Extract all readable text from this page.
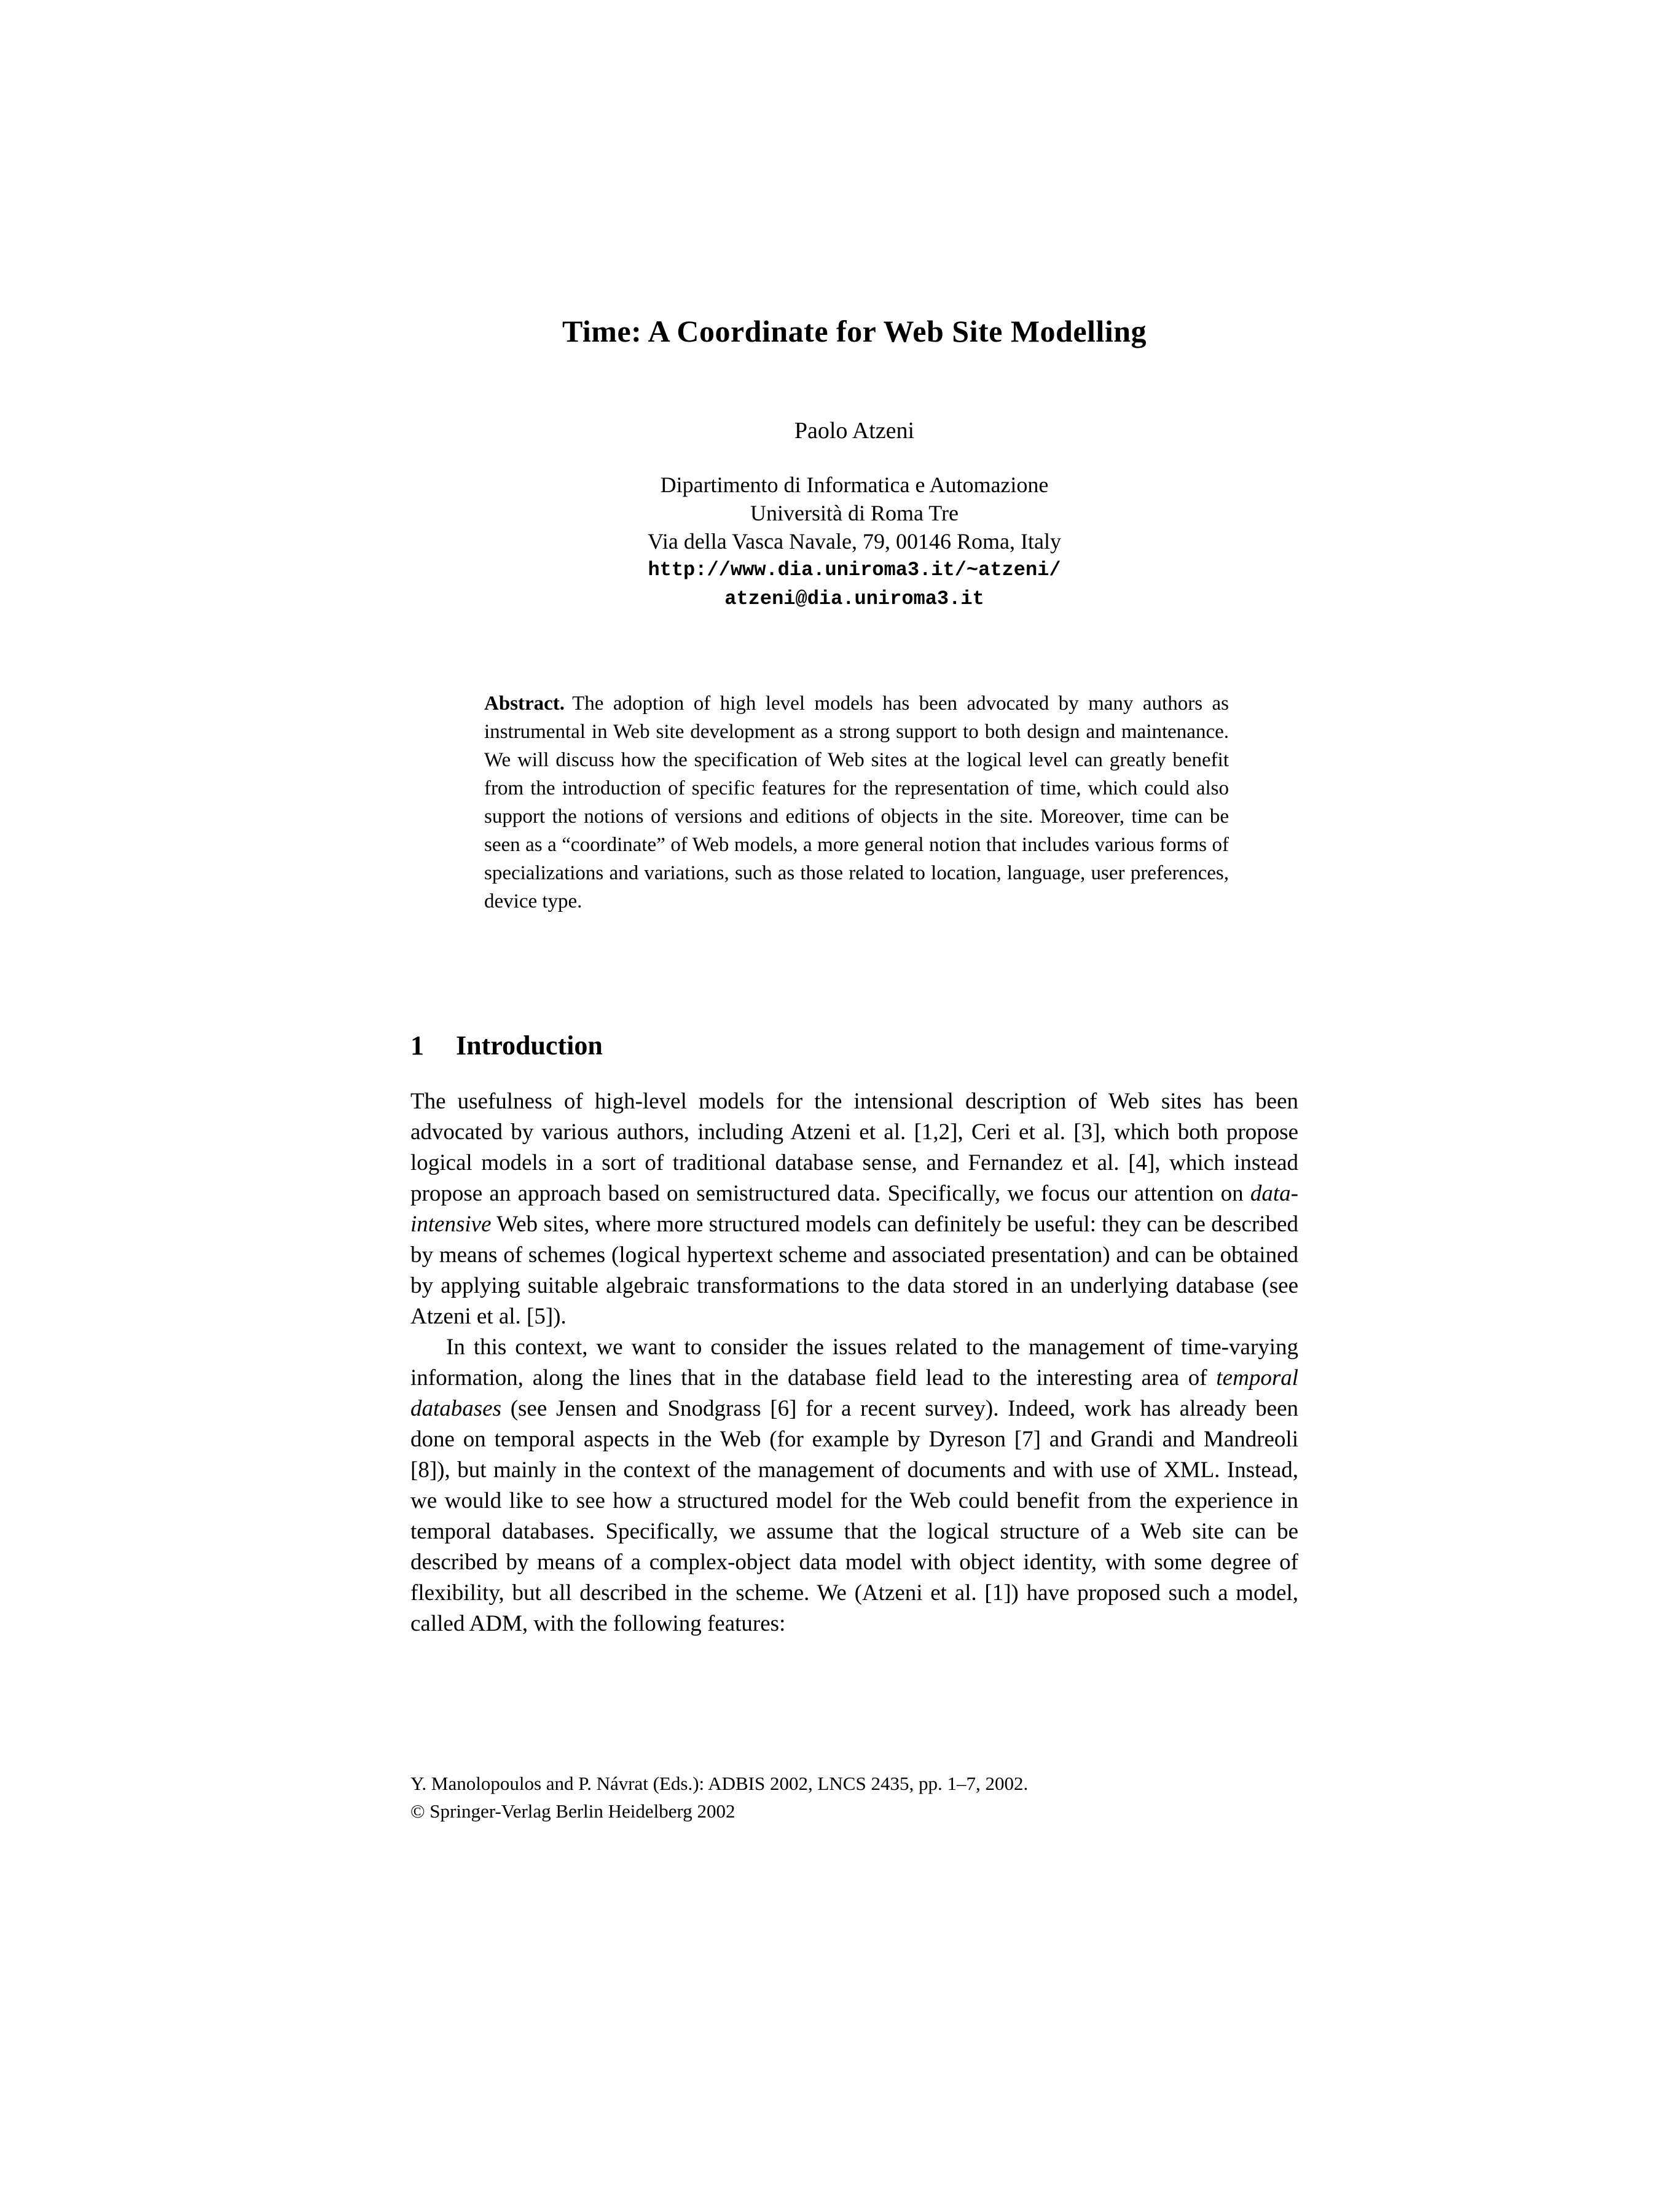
Time: A Coordinate for Web Site Modelling
Paolo Atzeni
Dipartimento di Informatica e Automazione
Università di Roma Tre
Via della Vasca Navale, 79, 00146 Roma, Italy
http://www.dia.uniroma3.it/~atzeni/
atzeni@dia.uniroma3.it
Abstract. The adoption of high level models has been advocated by many authors as instrumental in Web site development as a strong support to both design and maintenance. We will discuss how the specification of Web sites at the logical level can greatly benefit from the introduction of specific features for the representation of time, which could also support the notions of versions and editions of objects in the site. Moreover, time can be seen as a “coordinate” of Web models, a more general notion that includes various forms of specializations and variations, such as those related to location, language, user preferences, device type.
1 Introduction

The usefulness of high-level models for the intensional description of Web sites has been advocated by various authors, including Atzeni et al. [1,2], Ceri et al. [3], which both propose logical models in a sort of traditional database sense, and Fernandez et al. [4], which instead propose an approach based on semistructured data. Specifically, we focus our attention on data-intensive Web sites, where more structured models can definitely be useful: they can be described by means of schemes (logical hypertext scheme and associated presentation) and can be obtained by applying suitable algebraic transformations to the data stored in an underlying database (see Atzeni et al. [5]).

In this context, we want to consider the issues related to the management of time-varying information, along the lines that in the database field lead to the interesting area of temporal databases (see Jensen and Snodgrass [6] for a recent survey). Indeed, work has already been done on temporal aspects in the Web (for example by Dyreson [7] and Grandi and Mandreoli [8]), but mainly in the context of the management of documents and with use of XML. Instead, we would like to see how a structured model for the Web could benefit from the experience in temporal databases. Specifically, we assume that the logical structure of a Web site can be described by means of a complex-object data model with object identity, with some degree of flexibility, but all described in the scheme. We (Atzeni et al. [1]) have proposed such a model, called ADM, with the following features:

Y. Manolopoulos and P. Návrat (Eds.): ADBIS 2002, LNCS 2435, pp. 1–7, 2002.
© Springer-Verlag Berlin Heidelberg 2002
